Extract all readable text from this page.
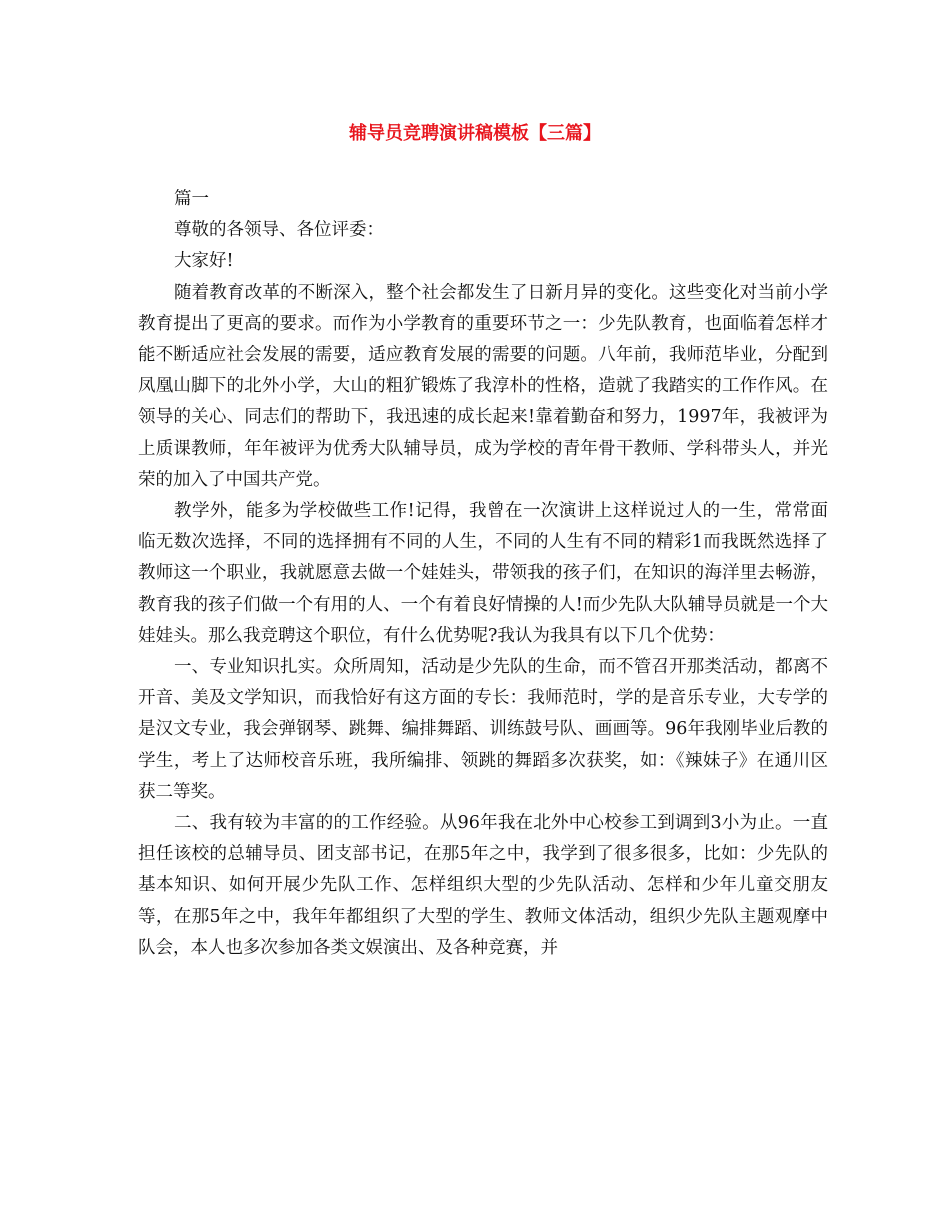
辅导员竞聘演讲稿模板【三篇】

篇一

尊敬的各领导、各位评委：

大家好!

随着教育改革的不断深入，整个社会都发生了日新月异的变化。这些变化对当前小学教育提出了更高的要求。而作为小学教育的重要环节之一：少先队教育，也面临着怎样才能不断适应社会发展的需要，适应教育发展的需要的问题。八年前，我师范毕业，分配到凤凰山脚下的北外小学，大山的粗犷锻炼了我淳朴的性格，造就了我踏实的工作作风。在领导的关心、同志们的帮助下，我迅速的成长起来!靠着勤奋和努力，1997年，我被评为上质课教师，年年被评为优秀大队辅导员，成为学校的青年骨干教师、学科带头人，并光荣的加入了中国共产党。

教学外，能多为学校做些工作!记得，我曾在一次演讲上这样说过人的一生，常常面临无数次选择，不同的选择拥有不同的人生，不同的人生有不同的精彩1而我既然选择了教师这一个职业，我就愿意去做一个娃娃头，带领我的孩子们，在知识的海洋里去畅游，教育我的孩子们做一个有用的人、一个有着良好情操的人!而少先队大队辅导员就是一个大娃娃头。那么我竞聘这个职位，有什么优势呢?我认为我具有以下几个优势：

一、专业知识扎实。众所周知，活动是少先队的生命，而不管召开那类活动，都离不开音、美及文学知识，而我恰好有这方面的专长：我师范时，学的是音乐专业，大专学的是汉文专业，我会弹钢琴、跳舞、编排舞蹈、训练鼓号队、画画等。96年我刚毕业后教的学生，考上了达师校音乐班，我所编排、领跳的舞蹈多次获奖，如：《辣妹子》在通川区获二等奖。

二、我有较为丰富的的工作经验。从96年我在北外中心校参工到调到3小为止。一直担任该校的总辅导员、团支部书记，在那5年之中，我学到了很多很多，比如：少先队的基本知识、如何开展少先队工作、怎样组织大型的少先队活动、怎样和少年儿童交朋友等，在那5年之中，我年年都组织了大型的学生、教师文体活动，组织少先队主题观摩中队会，本人也多次参加各类文娱演出、及各种竞赛，并
